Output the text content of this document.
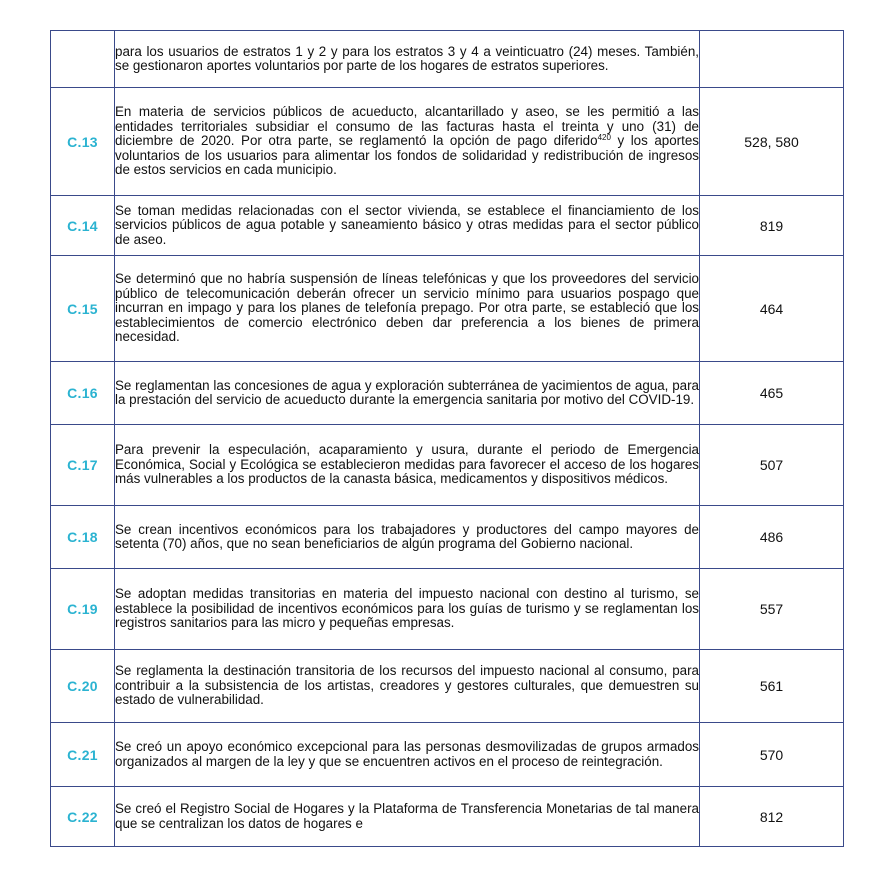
	para los usuarios de estratos 1 y 2 y para los estratos 3 y 4 a veinticuatro (24) meses. También, se gestionaron aportes voluntarios por parte de los hogares de estratos superiores.	
C.13	En materia de servicios públicos de acueducto, alcantarillado y aseo, se les permitió a las entidades territoriales subsidiar el consumo de las facturas hasta el treinta y uno (31) de diciembre de 2020. Por otra parte, se reglamentó la opción de pago diferido$^{420}$ y los aportes voluntarios de los usuarios para alimentar los fondos de solidaridad y redistribución de ingresos de estos servicios en cada municipio.	528, 580
C.14	Se toman medidas relacionadas con el sector vivienda, se establece el financiamiento de los servicios públicos de agua potable y saneamiento básico y otras medidas para el sector público de aseo.	819
C.15	Se determinó que no habría suspensión de líneas telefónicas y que los proveedores del servicio público de telecomunicación deberán ofrecer un servicio mínimo para usuarios pospago que incurran en impago y para los planes de telefonía prepago. Por otra parte, se estableció que los establecimientos de comercio electrónico deben dar preferencia a los bienes de primera necesidad.	464
C.16	Se reglamentan las concesiones de agua y exploración subterránea de yacimientos de agua, para la prestación del servicio de acueducto durante la emergencia sanitaria por motivo del COVID-19.	465
C.17	Para prevenir la especulación, acaparamiento y usura, durante el periodo de Emergencia Económica, Social y Ecológica se establecieron medidas para favorecer el acceso de los hogares más vulnerables a los productos de la canasta básica, medicamentos y dispositivos médicos.	507
C.18	Se crean incentivos económicos para los trabajadores y productores del campo mayores de setenta (70) años, que no sean beneficiarios de algún programa del Gobierno nacional.	486
C.19	Se adoptan medidas transitorias en materia del impuesto nacional con destino al turismo, se establece la posibilidad de incentivos económicos para los guías de turismo y se reglamentan los registros sanitarios para las micro y pequeñas empresas.	557
C.20	Se reglamenta la destinación transitoria de los recursos del impuesto nacional al consumo, para contribuir a la subsistencia de los artistas, creadores y gestores culturales, que demuestren su estado de vulnerabilidad.	561
C.21	Se creó un apoyo económico excepcional para las personas desmovilizadas de grupos armados organizados al margen de la ley y que se encuentren activos en el proceso de reintegración.	570
C.22	Se creó el Registro Social de Hogares y la Plataforma de Transferencia Monetarias de tal manera que se centralizan los datos de hogares e	812
